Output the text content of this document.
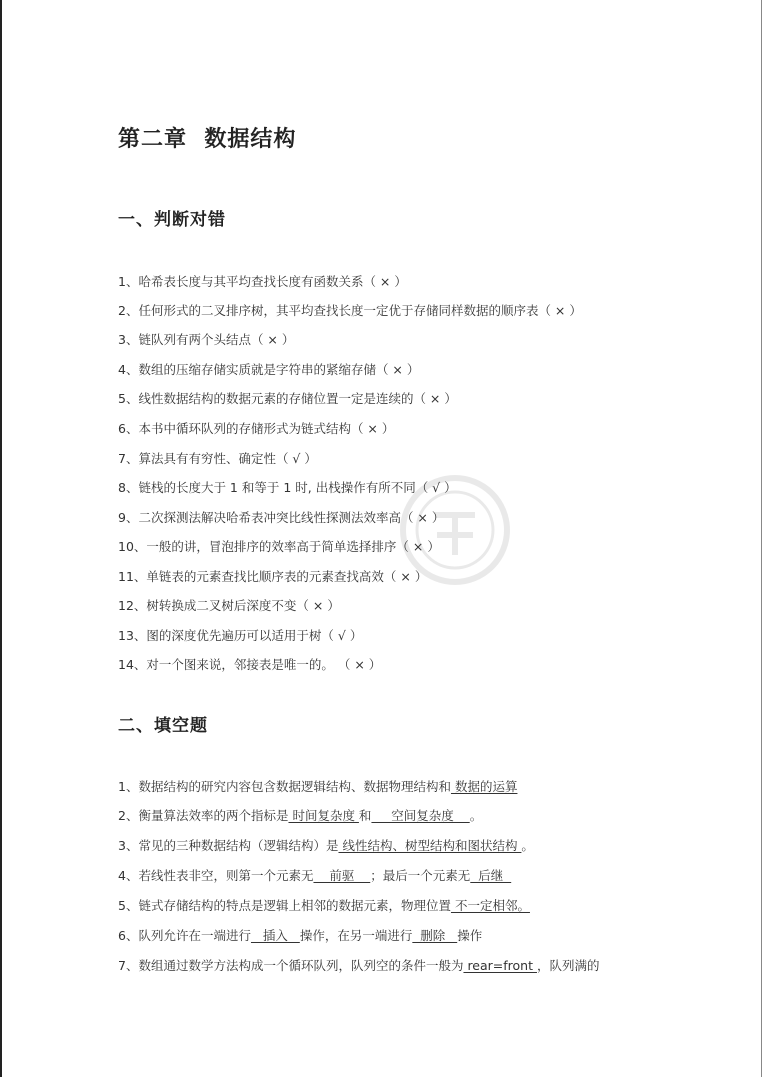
第二章  数据结构
一、判断对错
1、哈希表长度与其平均查找长度有函数关系（ × ）
2、任何形式的二叉排序树，其平均查找长度一定优于存储同样数据的顺序表（ × ）
3、链队列有两个头结点（ × ）
4、数组的压缩存储实质就是字符串的紧缩存储（ × ）
5、线性数据结构的数据元素的存储位置一定是连续的（ × ）
6、本书中循环队列的存储形式为链式结构（ × ）
7、算法具有有穷性、确定性（ √ ）
8、链栈的长度大于 1 和等于 1 时, 出栈操作有所不同（ √ ）
9、二次探测法解决哈希表冲突比线性探测法效率高（ × ）
10、一般的讲，冒泡排序的效率高于简单选择排序（ × ）
11、单链表的元素查找比顺序表的元素查找高效（ × ）
12、树转换成二叉树后深度不变（ × ）
13、图的深度优先遍历可以适用于树（ √ ）
14、对一个图来说，邻接表是唯一的。 （ × ）
二、填空题
1、数据结构的研究内容包含数据逻辑结构、数据物理结构和 数据的运算
2、衡量算法效率的两个指标是 时间复杂度 和     空间复杂度    。
3、常见的三种数据结构（逻辑结构）是 线性结构、树型结构和图状结构 。
4、若线性表非空，则第一个元素无    前驱    ；最后一个元素无  后继
5、链式存储结构的特点是逻辑上相邻的数据元素，物理位置 不一定相邻。
6、队列允许在一端进行   插入   操作，在另一端进行  删除   操作
7、数组通过数学方法构成一个循环队列，队列空的条件一般为 rear=front ，队列满的
